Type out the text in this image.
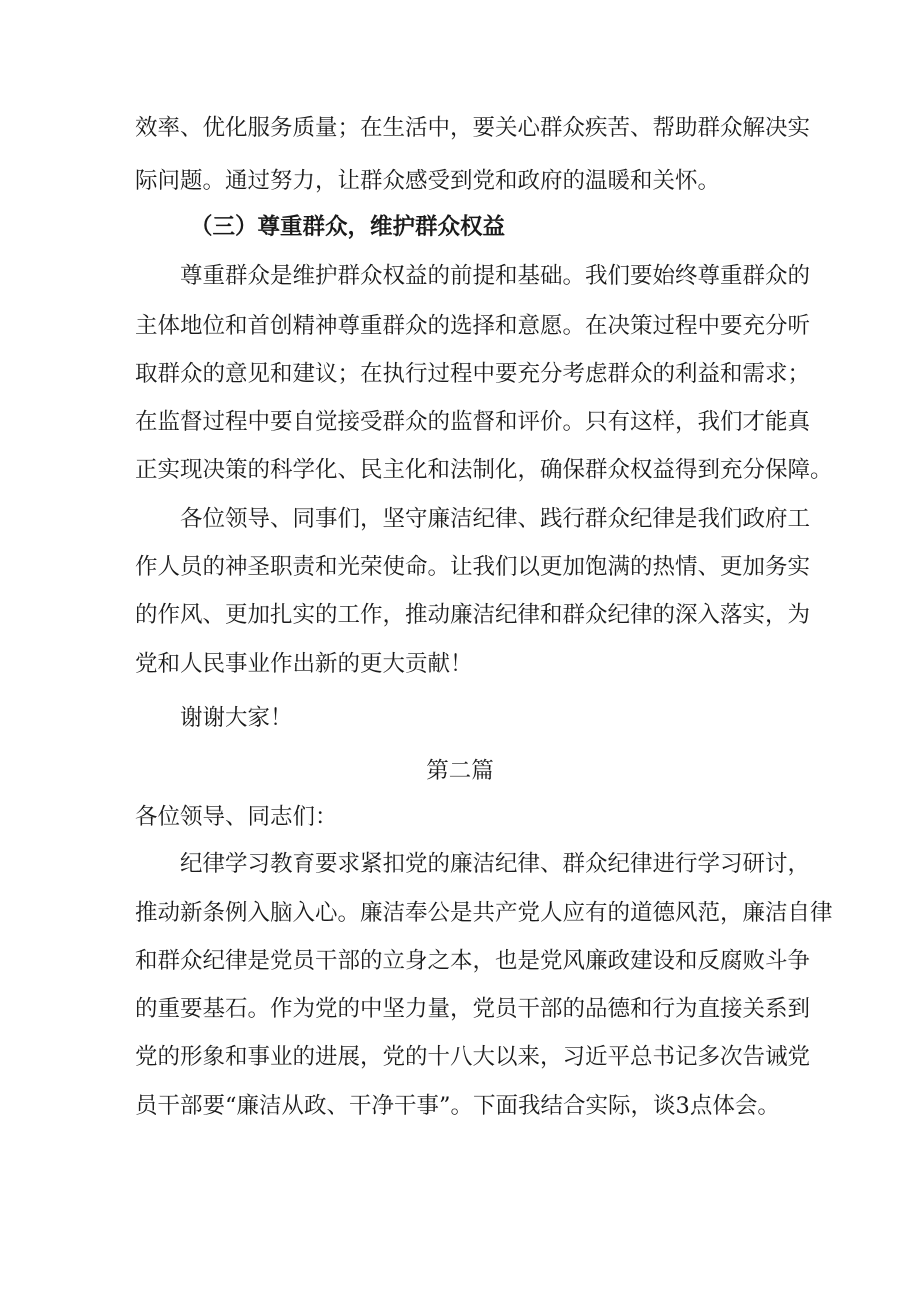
效率、优化服务质量；在生活中，要关心群众疾苦、帮助群众解决实
际问题。通过努力，让群众感受到党和政府的温暖和关怀。
（三）尊重群众，维护群众权益
尊重群众是维护群众权益的前提和基础。我们要始终尊重群众的
主体地位和首创精神尊重群众的选择和意愿。在决策过程中要充分听
取群众的意见和建议；在执行过程中要充分考虑群众的利益和需求；
在监督过程中要自觉接受群众的监督和评价。只有这样，我们才能真
正实现决策的科学化、民主化和法制化，确保群众权益得到充分保障。
各位领导、同事们，坚守廉洁纪律、践行群众纪律是我们政府工
作人员的神圣职责和光荣使命。让我们以更加饱满的热情、更加务实
的作风、更加扎实的工作，推动廉洁纪律和群众纪律的深入落实，为
党和人民事业作出新的更大贡献！
谢谢大家！
第二篇
各位领导、同志们：
纪律学习教育要求紧扣党的廉洁纪律、群众纪律进行学习研讨，
推动新条例入脑入心。廉洁奉公是共产党人应有的道德风范，廉洁自律
和群众纪律是党员干部的立身之本，也是党风廉政建设和反腐败斗争
的重要基石。作为党的中坚力量，党员干部的品德和行为直接关系到
党的形象和事业的进展，党的十八大以来，习近平总书记多次告诫党
员干部要“廉洁从政、干净干事”。下面我结合实际，谈3点体会。
